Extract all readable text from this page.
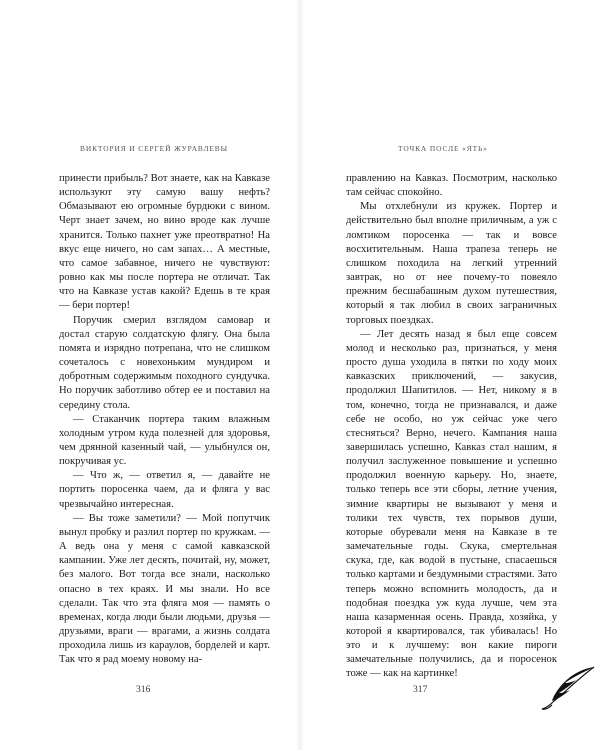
ВИКТОРИЯ И СЕРГЕЙ ЖУРАВЛЕВЫ

принести прибыль? Вот знаете, как на Кавказе используют эту самую вашу нефть? Обмазывают ею огромные бурдюки с вином. Черт знает зачем, но вино вроде как лучше хранится. Только пахнет уже преотвратно! На вкус еще ничего, но сам запах… А местные, что самое забавное, ничего не чувствуют: ровно как мы после портера не отличат. Так что на Кавказе устав какой? Едешь в те края — бери портер!

Поручик смерил взглядом самовар и достал старую солдатскую флягу. Она была помята и изрядно потрепана, что не слишком сочеталось с новехоньким мундиром и добротным содержимым походного сундучка. Но поручик заботливо обтер ее и поставил на середину стола.

— Стаканчик портера таким влажным холодным утром куда полезней для здоровья, чем дрянной казенный чай, — улыбнулся он, покручивая ус.

— Что ж, — ответил я, — давайте не портить поросенка чаем, да и фляга у вас чрезвычайно интересная.

— Вы тоже заметили? — Мой попутчик вынул пробку и разлил портер по кружкам. — А ведь она у меня с самой кавказской кампании. Уже лет десять, почитай, ну, может, без малого. Вот тогда все знали, насколько опасно в тех краях. И мы знали. Но все сделали. Так что эта фляга моя — память о временах, когда люди были людьми, друзья — друзьями, враги — врагами, а жизнь солдата проходила лишь из караулов, борделей и карт. Так что я рад моему новому на-

316

ТОЧКА ПОСЛЕ «ЯТЬ»

правлению на Кавказ. Посмотрим, насколько там сейчас спокойно.

Мы отхлебнули из кружек. Портер и действительно был вполне приличным, а уж с ломтиком поросенка — так и вовсе восхитительным. Наша трапеза теперь не слишком походила на легкий утренний завтрак, но от нее почему-то повеяло прежним бесшабашным духом путешествия, который я так любил в своих заграничных торговых поездках.

— Лет десять назад я был еще совсем молод и несколько раз, признаться, у меня просто душа уходила в пятки по ходу моих кавказских приключений, — закусив, продолжил Шапитилов. — Нет, никому я в том, конечно, тогда не признавался, и даже себе не особо, но уж сейчас уже чего стесняться? Верно, нечего. Кампания наша завершилась успешно, Кавказ стал нашим, я получил заслуженное повышение и успешно продолжил военную карьеру. Но, знаете, только теперь все эти сборы, летние учения, зимние квартиры не вызывают у меня и толики тех чувств, тех порывов души, которые обуревали меня на Кавказе в те замечательные годы. Скука, смертельная скука, где, как водой в пустыне, спасаешься только картами и бездумными страстями. Зато теперь можно вспомнить молодость, да и подобная поездка уж куда лучше, чем эта наша казарменная осень. Правда, хозяйка, у которой я квартировался, так убивалась! Но это и к лучшему: вон какие пироги замечательные получились, да и поросенок тоже — как на картинке!

317
